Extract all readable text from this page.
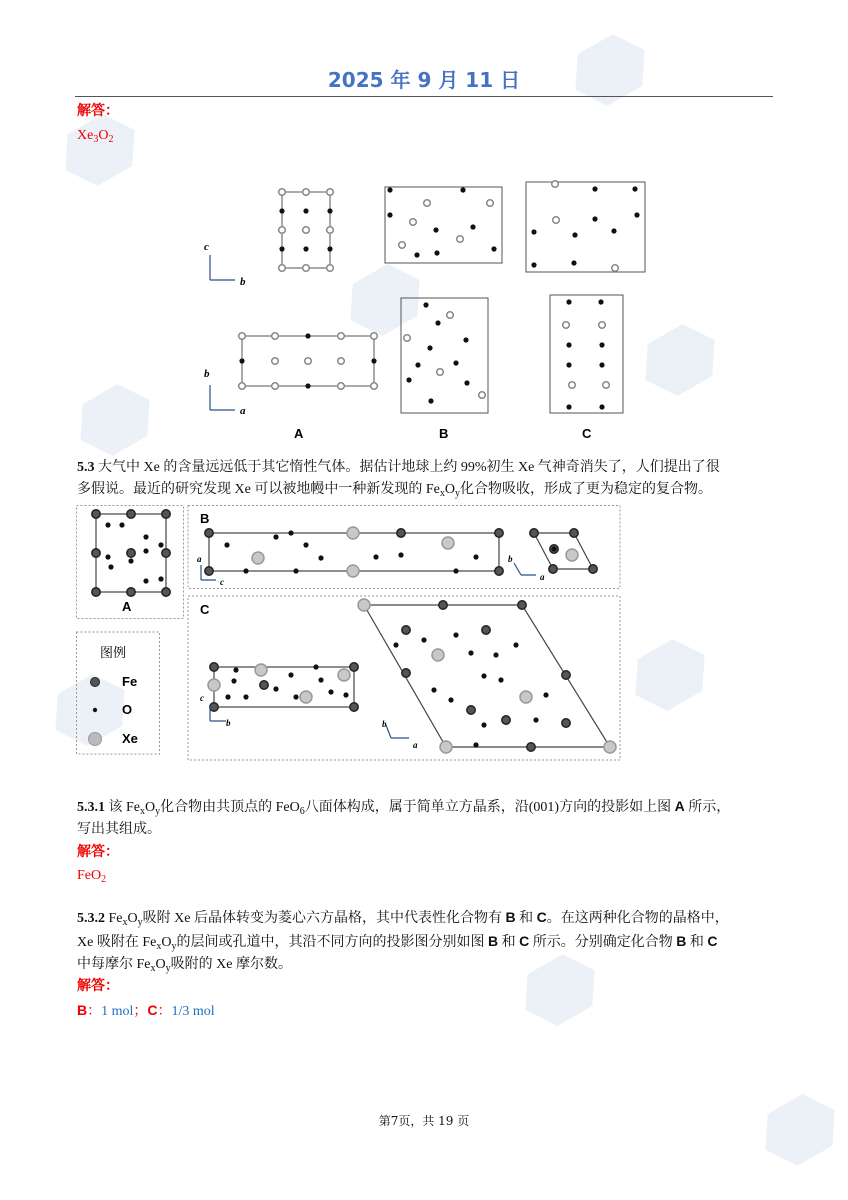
2025 年 9 月 11 日
解答：
$Xe_3O_2$
c
b
b
a
A	B	C
5.3 大气中 Xe 的含量远远低于其它惰性气体。据估计地球上约 99%初生 Xe 气神奇消失了，人们提出了很
多假说。最近的研究发现 Xe 可以被地幔中一种新发现的 $Fe_xO_y$化合物吸收，形成了更为稳定的复合物。
a
c
b
a
c
b	b
a
A
B
C
图例
Fe
O
Xe
5.3.1 该 $Fe_xO_y$化合物由共顶点的 FeO$_6$八面体构成，属于简单立方晶系，沿(001)方向的投影如上图 A 所示，
写出其组成。
解答：
FeO$_2$
5.3.2 $Fe_xO_y$吸附 Xe 后晶体转变为菱心六方晶格，其中代表性化合物有 B 和 C。在这两种化合物的晶格中，
Xe 吸附在 $Fe_xO_y$的层间或孔道中，其沿不同方向的投影图分别如图 B 和 C 所示。分别确定化合物 B 和 C
中每摩尔 $Fe_xO_y$吸附的 Xe 摩尔数。
解答：
B：1 mol；C：1/3 mol
第7页，共 19 页
